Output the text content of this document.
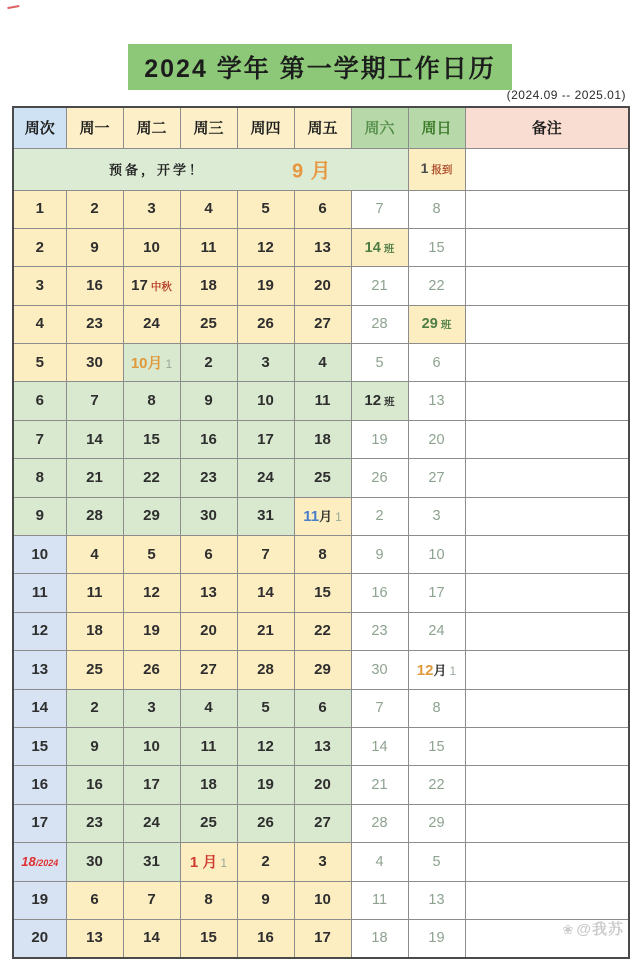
2024 学年 第一学期工作日历
(2024.09 -- 2025.01)
周次	周一	周二	周三	周四	周五	周六	周日	备注

预备，开学！ 9 月							1 报到	
1	2	3	4	5	6	7	8	
2	9	10	11	12	13	14 班	15	
3	16	17 中秋	18	19	20	21	22	
4	23	24	25	26	27	28	29 班	
5	30	10月 1	2	3	4	5	6	
6	7	8	9	10	11	12 班	13	
7	14	15	16	17	18	19	20	
8	21	22	23	24	25	26	27	
9	28	29	30	31	11月 1	2	3	
10	4	5	6	7	8	9	10	
11	11	12	13	14	15	16	17	
12	18	19	20	21	22	23	24	
13	25	26	27	28	29	30	12月 1	
14	2	3	4	5	6	7	8	
15	9	10	11	12	13	14	15	
16	16	17	18	19	20	21	22	
17	23	24	25	26	27	28	29	
18/2024	30	31	1 月 1	2	3	4	5	
19	6	7	8	9	10	11	13	
20	13	14	15	16	17	18	19	
❀ @我苏
